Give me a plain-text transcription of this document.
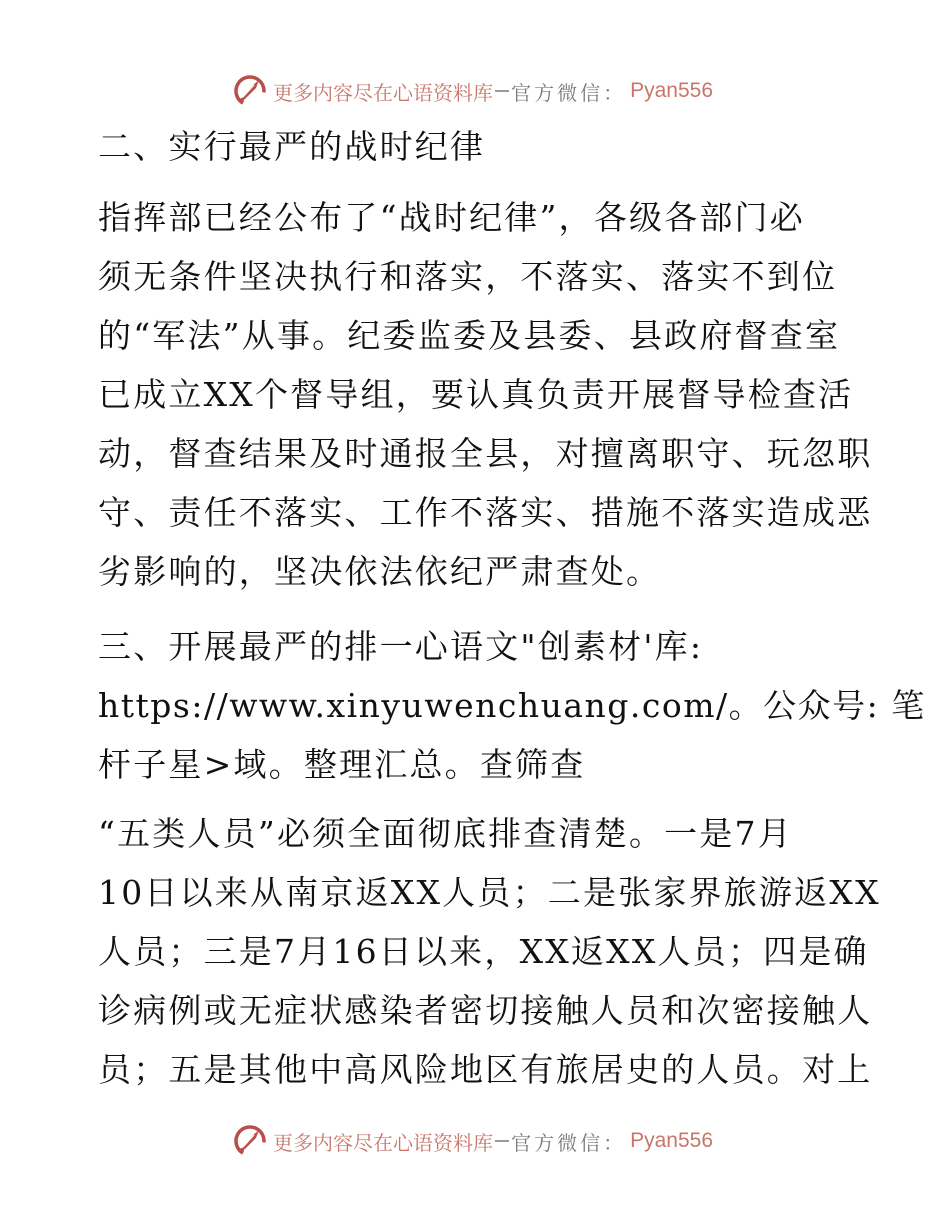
更多内容尽在心语资料库 官方微信： Pyan556
二、实行最严的战时纪律
指挥部已经公布了“战时纪律”，各级各部门必
须无条件坚决执行和落实，不落实、落实不到位
的“军法”从事。纪委监委及县委、县政府督查室
已成立XX个督导组，要认真负责开展督导检查活
动，督查结果及时通报全县，对擅离职守、玩忽职
守、责任不落实、工作不落实、措施不落实造成恶
劣影响的，坚决依法依纪严肃查处。
三、开展最严的排一心语文"创素材'库:
https://www.xinyuwenchuang.com/。公众号: 笔
杆子星>域。整理汇总。查筛查
“五类人员”必须全面彻底排查清楚。一是7月
10日以来从南京返XX人员；二是张家界旅游返XX
人员；三是7月16日以来，XX返XX人员；四是确
诊病例或无症状感染者密切接触人员和次密接触人
员；五是其他中高风险地区有旅居史的人员。对上
更多内容尽在心语资料库 官方微信： Pyan556
